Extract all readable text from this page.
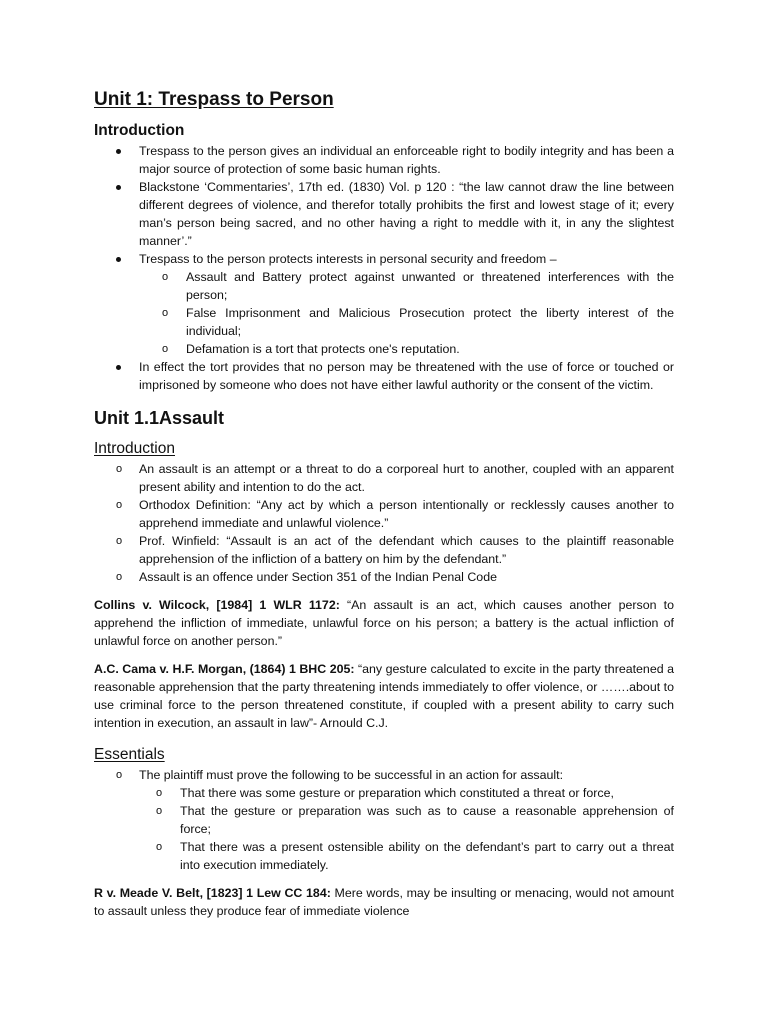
Unit 1: Trespass to Person
Introduction
Trespass to the person gives an individual an enforceable right to bodily integrity and has been a major source of protection of some basic human rights.
Blackstone ‘Commentaries’, 17th ed. (1830) Vol. p 120 : “the law cannot draw the line between different degrees of violence, and therefor totally prohibits the first and lowest stage of it; every man’s person being sacred, and no other having a right to meddle with it, in any the slightest manner’.”
Trespass to the person protects interests in personal security and freedom –
o Assault and Battery protect against unwanted or threatened interferences with the person;
o False Imprisonment and Malicious Prosecution protect the liberty interest of the individual;
o Defamation is a tort that protects one's reputation.
In effect the tort provides that no person may be threatened with the use of force or touched or imprisoned by someone who does not have either lawful authority or the consent of the victim.
Unit 1.1Assault
Introduction
o An assault is an attempt or a threat to do a corporeal hurt to another, coupled with an apparent present ability and intention to do the act.
o Orthodox Definition: “Any act by which a person intentionally or recklessly causes another to apprehend immediate and unlawful violence.”
o Prof. Winfield: “Assault is an act of the defendant which causes to the plaintiff reasonable apprehension of the infliction of a battery on him by the defendant.”
o Assault is an offence under Section 351 of the Indian Penal Code

Collins v. Wilcock, [1984] 1 WLR 1172: “An assault is an act, which causes another person to apprehend the infliction of immediate, unlawful force on his person; a battery is the actual infliction of unlawful force on another person.”

A.C. Cama v. H.F. Morgan, (1864) 1 BHC 205: “any gesture calculated to excite in the party threatened a reasonable apprehension that the party threatening intends immediately to offer violence, or …….about to use criminal force to the person threatened constitute, if coupled with a present ability to carry such intention in execution, an assault in law”- Arnould C.J.

Essentials
o The plaintiff must prove the following to be successful in an action for assault:
o That there was some gesture or preparation which constituted a threat or force,
o That the gesture or preparation was such as to cause a reasonable apprehension of force;
o That there was a present ostensible ability on the defendant’s part to carry out a threat into execution immediately.

R v. Meade V. Belt, [1823] 1 Lew CC 184: Mere words, may be insulting or menacing, would not amount to assault unless they produce fear of immediate violence
